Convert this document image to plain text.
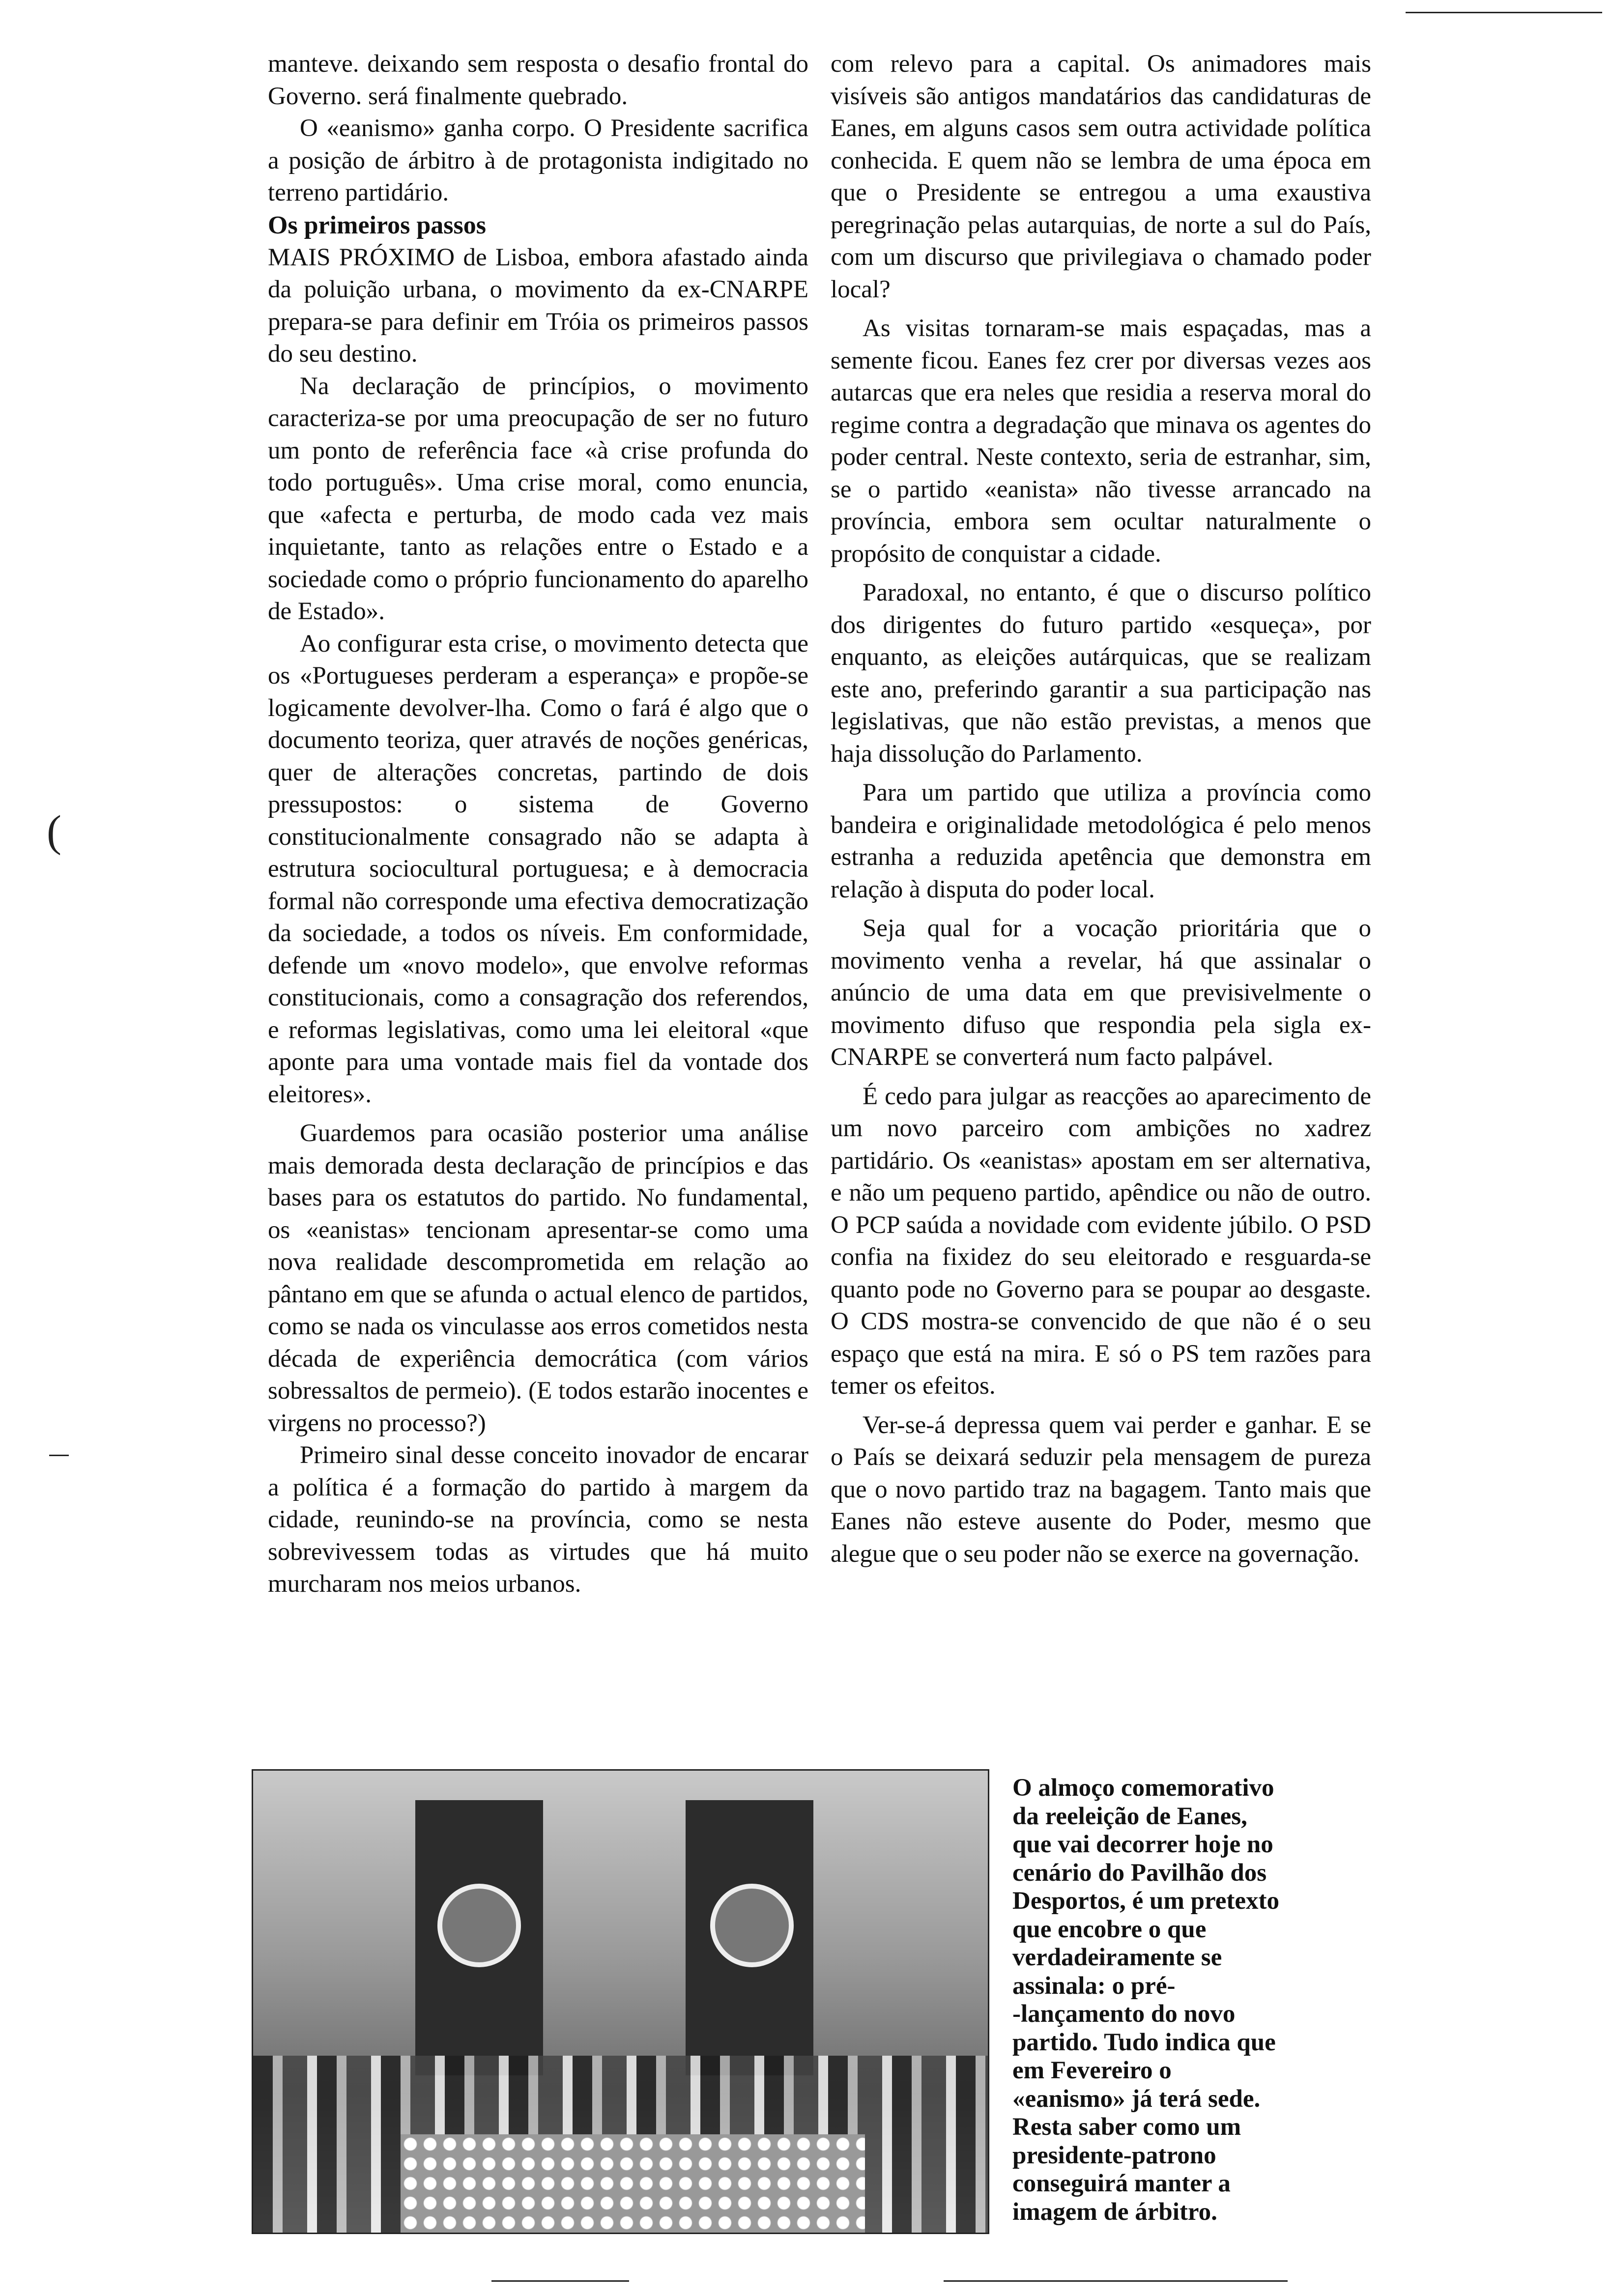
(

manteve. deixando sem resposta o desafio frontal do Governo. será finalmente quebrado.

O «eanismo» ganha corpo. O Presidente sacrifica a posição de árbitro à de protagonista indigitado no terreno partidário.

Os primeiros passos

MAIS PRÓXIMO de Lisboa, embora afastado ainda da poluição urbana, o movimento da ex-CNARPE prepara-se para definir em Tróia os primeiros passos do seu destino.

Na declaração de princípios, o movimento caracteriza-se por uma preocupação de ser no futuro um ponto de referência face «à crise profunda do todo português». Uma crise moral, como enuncia, que «afecta e perturba, de modo cada vez mais inquietante, tanto as relações entre o Estado e a sociedade como o próprio funcionamento do aparelho de Estado».

Ao configurar esta crise, o movimento detecta que os «Portugueses perderam a esperança» e propõe-se logicamente devolver-lha. Como o fará é algo que o documento teoriza, quer através de noções genéricas, quer de alterações concretas, partindo de dois pressupostos: o sistema de Governo constitucionalmente consagrado não se adapta à estrutura sociocultural portuguesa; e à democracia formal não corresponde uma efectiva democratização da sociedade, a todos os níveis. Em conformidade, defende um «novo modelo», que envolve reformas constitucionais, como a consagração dos referendos, e reformas legislativas, como uma lei eleitoral «que aponte para uma vontade mais fiel da vontade dos eleitores».

Guardemos para ocasião posterior uma análise mais demorada desta declaração de princípios e das bases para os estatutos do partido. No fundamental, os «eanistas» tencionam apresentar-se como uma nova realidade descomprometida em relação ao pântano em que se afunda o actual elenco de partidos, como se nada os vinculasse aos erros cometidos nesta década de experiência democrática (com vários sobressaltos de permeio). (E todos estarão inocentes e virgens no processo?)

Primeiro sinal desse conceito inovador de encarar a política é a formação do partido à margem da cidade, reunindo-se na província, como se nesta sobrevivessem todas as virtudes que há muito murcharam nos meios urbanos.

com relevo para a capital. Os animadores mais visíveis são antigos mandatários das candidaturas de Eanes, em alguns casos sem outra actividade política conhecida. E quem não se lembra de uma época em que o Presidente se entregou a uma exaustiva peregrinação pelas autarquias, de norte a sul do País, com um discurso que privilegiava o chamado poder local?

As visitas tornaram-se mais espaçadas, mas a semente ficou. Eanes fez crer por diversas vezes aos autarcas que era neles que residia a reserva moral do regime contra a degradação que minava os agentes do poder central. Neste contexto, seria de estranhar, sim, se o partido «eanista» não tivesse arrancado na província, embora sem ocultar naturalmente o propósito de conquistar a cidade.

Paradoxal, no entanto, é que o discurso político dos dirigentes do futuro partido «esqueça», por enquanto, as eleições autárquicas, que se realizam este ano, preferindo garantir a sua participação nas legislativas, que não estão previstas, a menos que haja dissolução do Parlamento.

Para um partido que utiliza a província como bandeira e originalidade metodológica é pelo menos estranha a reduzida apetência que demonstra em relação à disputa do poder local.

Seja qual for a vocação prioritária que o movimento venha a revelar, há que assinalar o anúncio de uma data em que previsivelmente o movimento difuso que respondia pela sigla ex-CNARPE se converterá num facto palpável.

É cedo para julgar as reacções ao aparecimento de um novo parceiro com ambições no xadrez partidário. Os «eanistas» apostam em ser alternativa, e não um pequeno partido, apêndice ou não de outro. O PCP saúda a novidade com evidente júbilo. O PSD confia na fixidez do seu eleitorado e resguarda-se quanto pode no Governo para se poupar ao desgaste. O CDS mostra-se convencido de que não é o seu espaço que está na mira. E só o PS tem razões para temer os efeitos.

Ver-se-á depressa quem vai perder e ganhar. E se o País se deixará seduzir pela mensagem de pureza que o novo partido traz na bagagem. Tanto mais que Eanes não esteve ausente do Poder, mesmo que alegue que o seu poder não se exerce na governação.

O almoço comemorativo
da reeleição de Eanes,
que vai decorrer hoje no
cenário do Pavilhão dos
Desportos, é um pretexto
que encobre o que
verdadeiramente se
assinala: o pré-
-lançamento do novo
partido. Tudo indica que
em Fevereiro o
«eanismo» já terá sede.
Resta saber como um
presidente-patrono
conseguirá manter a
imagem de árbitro.
